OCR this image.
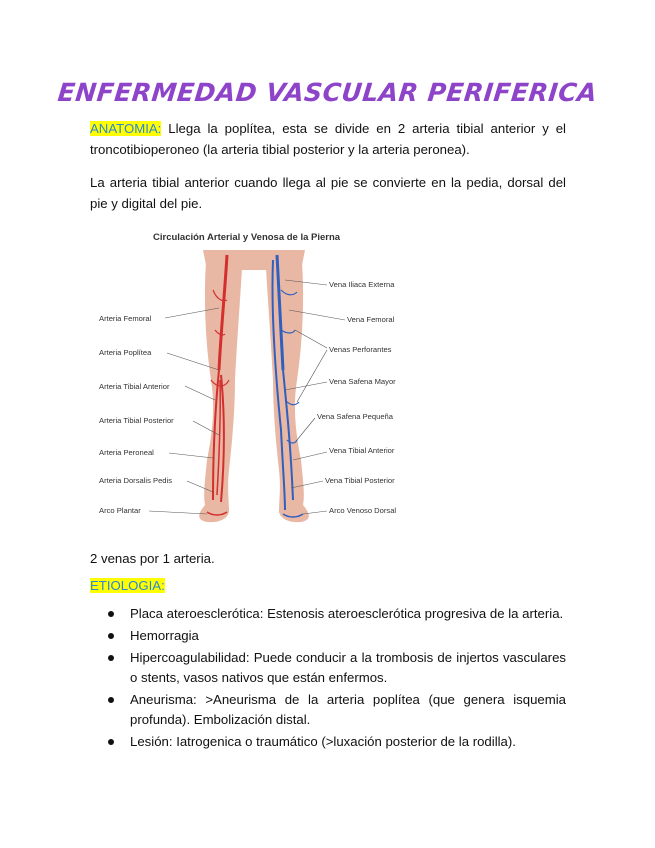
ENFERMEDAD VASCULAR PERIFERICA

ANATOMIA: Llega la poplítea, esta se divide en 2 arteria tibial anterior y el troncotibioperoneo (la arteria tibial posterior y la arteria peronea).

La arteria tibial anterior cuando llega al pie se convierte en la pedia, dorsal del pie y digital del pie.

Circulación Arterial y Venosa de la Pierna
Arteria Femoral
Arteria Poplítea
Arteria Tibial Anterior
Arteria Tibial Posterior
Arteria Peroneal
Arteria Dorsalis Pedis
Arco Plantar
Vena Iliaca Externa
Vena Femoral
Venas Perforantes
Vena Safena Mayor
Vena Safena Pequeña
Vena Tibial Anterior
Vena Tibial Posterior
Arco Venoso Dorsal

2 venas por 1 arteria.

ETIOLOGIA:

Placa ateroesclerótica: Estenosis ateroesclerótica progresiva de la arteria.
Hemorragia
Hipercoagulabilidad: Puede conducir a la trombosis de injertos vasculares o stents, vasos nativos que están enfermos.
Aneurisma: >Aneurisma de la arteria poplítea (que genera isquemia profunda). Embolización distal.
Lesión: Iatrogenica o traumático (>luxación posterior de la rodilla).
